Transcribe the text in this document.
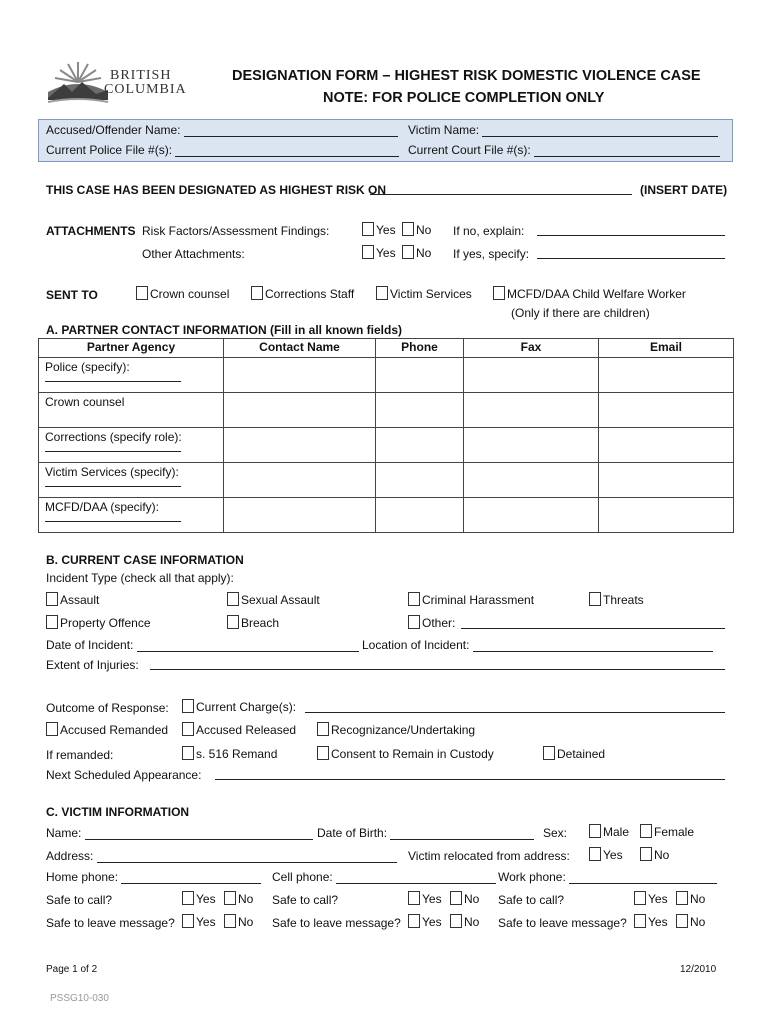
BRITISH
COLUMBIA
DESIGNATION FORM – HIGHEST RISK DOMESTIC VIOLENCE CASE
NOTE: FOR POLICE COMPLETION ONLY
Accused/Offender Name:	Victim Name:
Current Police File #(s):	Current Court File #(s):
THIS CASE HAS BEEN DESIGNATED AS HIGHEST RISK ON	(INSERT DATE)
ATTACHMENTS Risk Factors/Assessment Findings:	Yes	No If no, explain:
Other Attachments:	Yes	No If yes, specify:
SENT TO	Crown counsel	Corrections Staff	Victim Services	MCFD/DAA Child Welfare Worker
(Only if there are children)
A. PARTNER CONTACT INFORMATION (Fill in all known fields)
Partner Agency	Contact Name	Phone	Fax	Email
Police (specify):

Crown counsel				
Corrections (specify role):

Victim Services (specify):

MCFD/DAA (specify):

B. CURRENT CASE INFORMATION
Incident Type (check all that apply):
Assault	Sexual Assault	Criminal Harassment	Threats
Property Offence	Breach	Other:
Date of Incident:	Location of Incident:
Extent of Injuries:
Outcome of Response:	Current Charge(s):
Accused Remanded	Accused Released	Recognizance/Undertaking
If remanded:	s. 516 Remand	Consent to Remain in Custody	Detained
Next Scheduled Appearance:
C. VICTIM INFORMATION
Name:	Date of Birth:	Sex:	Male	Female
Address:	Victim relocated from address:	Yes	No
Home phone:	Cell phone:	Work phone:
Safe to call?	Yes	No Safe to call?	Yes	No Safe to call?	Yes	No
Safe to leave message?	Yes	No Safe to leave message?	Yes	No Safe to leave message?	Yes	No
Page 1 of 2	12/2010
PSSG10-030
